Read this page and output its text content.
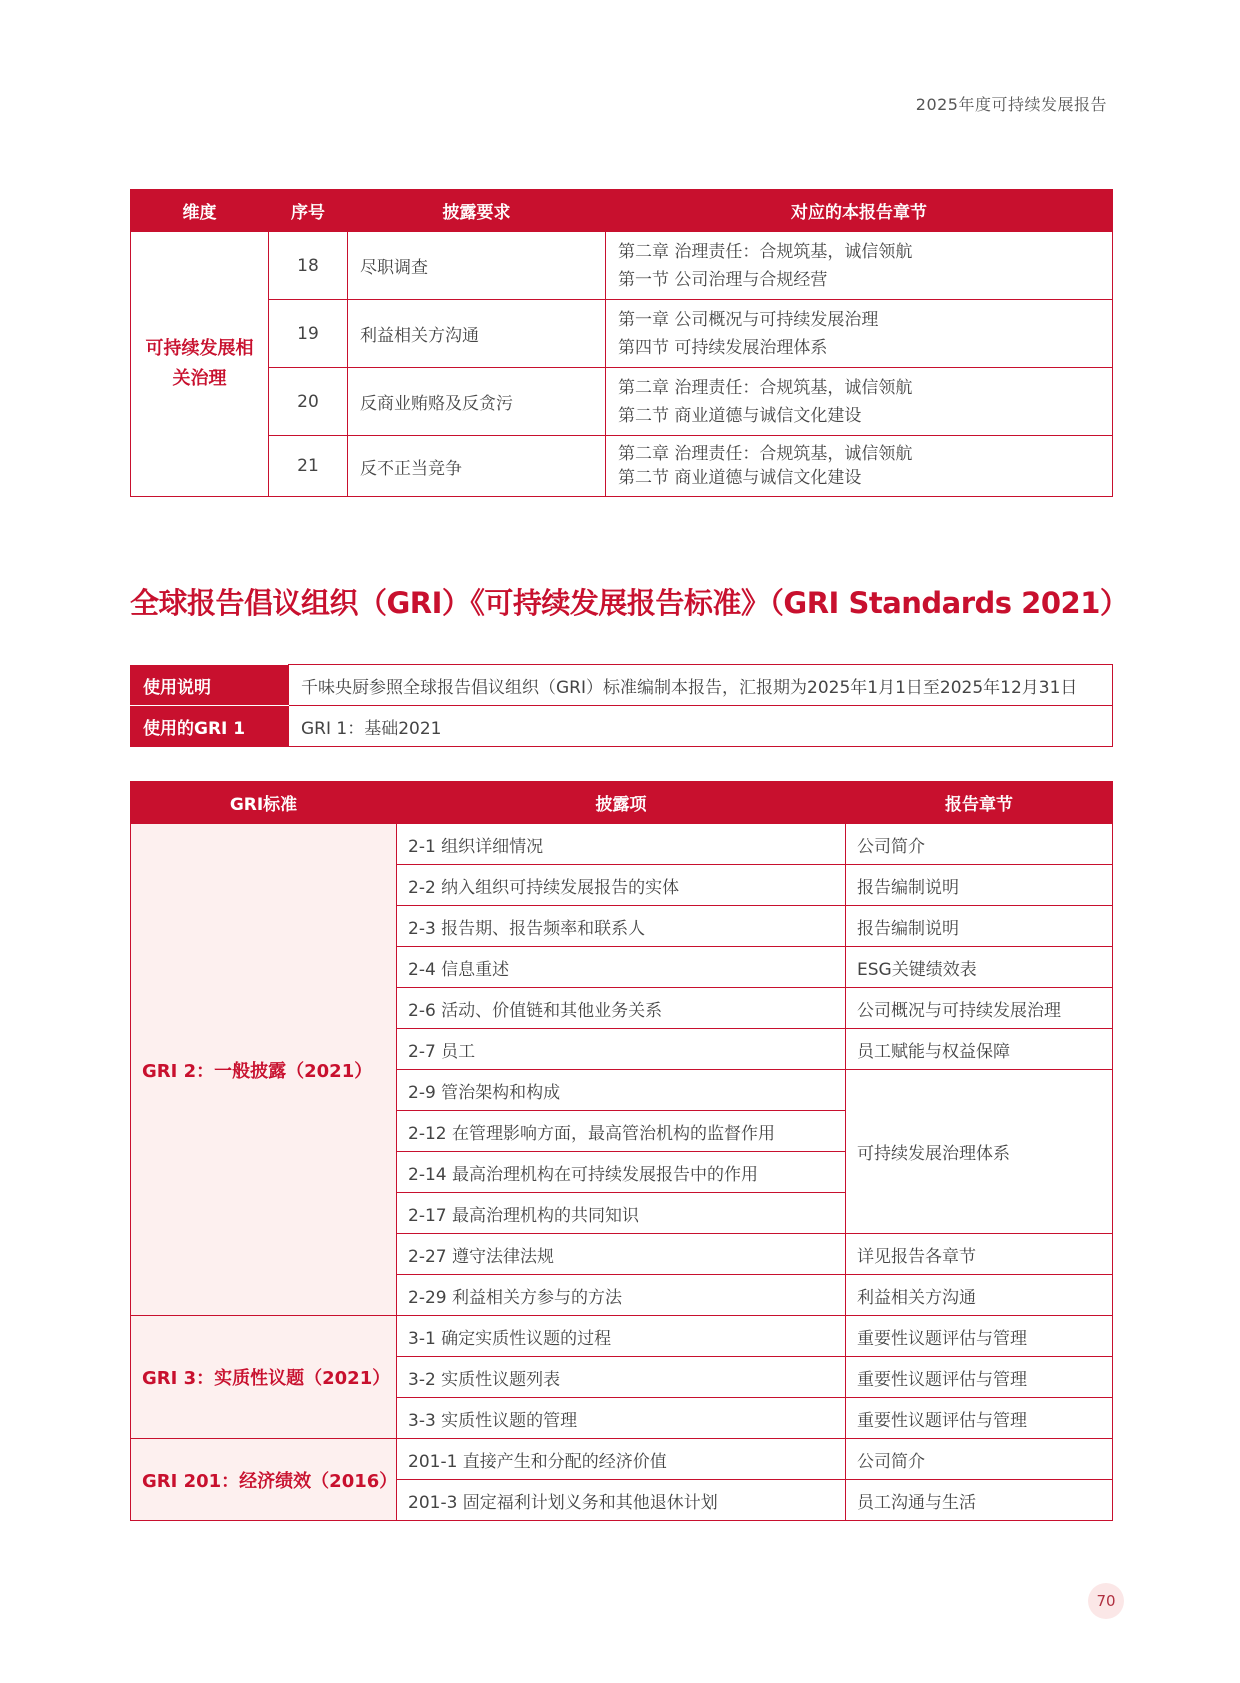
2025年度可持续发展报告
维度	序号	披露要求	对应的本报告章节
可持续发展相关治理	18	尽职调查	第二章 治理责任：合规筑基，诚信领航
第一节 公司治理与合规经营

	19	利益相关方沟通	第一章 公司概况与可持续发展治理
第四节 可持续发展治理体系

	20	反商业贿赂及反贪污	第二章 治理责任：合规筑基，诚信领航
第二节 商业道德与诚信文化建设

	21	反不正当竞争	第二章 治理责任：合规筑基，诚信领航
第二节 商业道德与诚信文化建设
全球报告倡议组织（GRI）《可持续发展报告标准》（GRI Standards 2021）
使用说明	千味央厨参照全球报告倡议组织（GRI）标准编制本报告，汇报期为2025年1月1日至2025年12月31日
使用的GRI 1	GRI 1：基础2021
GRI标准	披露项	报告章节
GRI 2：一般披露（2021）	2-1 组织详细情况	公司简介
	2-2 纳入组织可持续发展报告的实体	报告编制说明
	2-3 报告期、报告频率和联系人	报告编制说明
	2-4 信息重述	ESG关键绩效表
	2-6 活动、价值链和其他业务关系	公司概况与可持续发展治理
	2-7 员工	员工赋能与权益保障
	2-9 管治架构和构成	可持续发展治理体系
	2-12 在管理影响方面，最高管治机构的监督作用	
	2-14 最高治理机构在可持续发展报告中的作用	
	2-17 最高治理机构的共同知识	
	2-27 遵守法律法规	详见报告各章节
	2-29 利益相关方参与的方法	利益相关方沟通
GRI 3：实质性议题（2021）	3-1 确定实质性议题的过程	重要性议题评估与管理
	3-2 实质性议题列表	重要性议题评估与管理
	3-3 实质性议题的管理	重要性议题评估与管理
GRI 201：经济绩效（2016）	201-1 直接产生和分配的经济价值	公司简介
	201-3 固定福利计划义务和其他退休计划	员工沟通与生活
70
